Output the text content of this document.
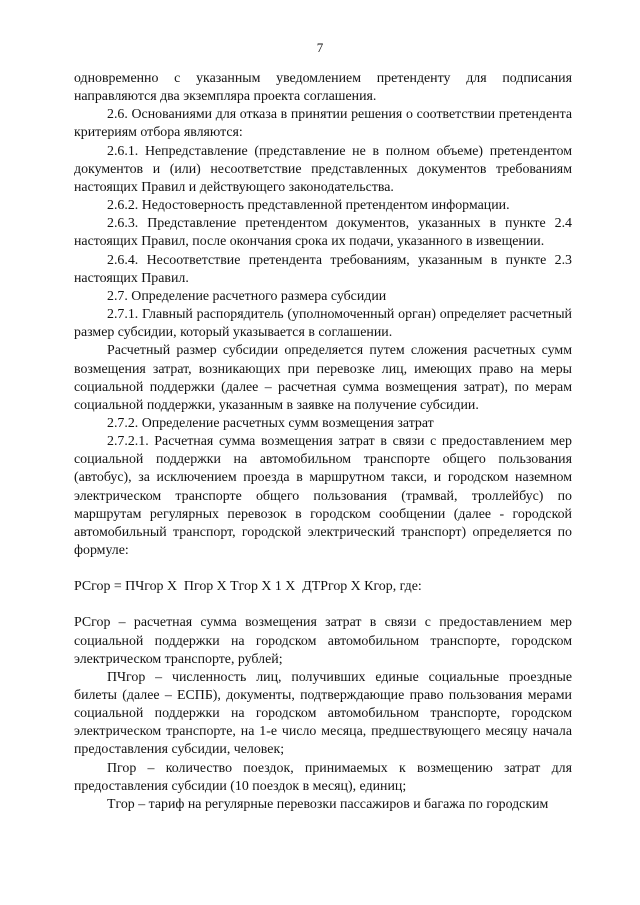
7

одновременно с указанным уведомлением претенденту для подписания направляются два экземпляра проекта соглашения.

2.6. Основаниями для отказа в принятии решения о соответствии претендента критериям отбора являются:

2.6.1. Непредставление (представление не в полном объеме) претендентом документов и (или) несоответствие представленных документов требованиям настоящих Правил и действующего законодательства.

2.6.2. Недостоверность представленной претендентом информации.

2.6.3. Представление претендентом документов, указанных в пункте 2.4 настоящих Правил, после окончания срока их подачи, указанного в извещении.

2.6.4. Несоответствие претендента требованиям, указанным в пункте 2.3 настоящих Правил.

2.7. Определение расчетного размера субсидии

2.7.1. Главный распорядитель (уполномоченный орган) определяет расчетный размер субсидии, который указывается в соглашении.

Расчетный размер субсидии определяется путем сложения расчетных сумм возмещения затрат, возникающих при перевозке лиц, имеющих право на меры социальной поддержки (далее – расчетная сумма возмещения затрат), по мерам социальной поддержки, указанным в заявке на получение субсидии.

2.7.2. Определение расчетных сумм возмещения затрат

2.7.2.1. Расчетная сумма возмещения затрат в связи с предоставлением мер социальной поддержки на автомобильном транспорте общего пользования (автобус), за исключением проезда в маршрутном такси, и городском наземном электрическом транспорте общего пользования (трамвай, троллейбус) по маршрутам регулярных перевозок в городском сообщении (далее - городской автомобильный транспорт, городской электрический транспорт) определяется по формуле:

РСгор = ПЧгор Х  Пгор Х Тгор Х 1 Х  ДТРгор Х Кгор, где:

РСгор – расчетная сумма возмещения затрат в связи с предоставлением мер социальной поддержки на городском автомобильном транспорте, городском электрическом транспорте, рублей;

ПЧгор – численность лиц, получивших единые социальные проездные билеты (далее – ЕСПБ), документы, подтверждающие право пользования мерами социальной поддержки на городском автомобильном транспорте, городском электрическом транспорте, на 1-е число месяца, предшествующего месяцу начала предоставления субсидии, человек;

Пгор – количество поездок, принимаемых к возмещению затрат для предоставления субсидии (10 поездок в месяц), единиц;

Тгор – тариф на регулярные перевозки пассажиров и багажа по городским
